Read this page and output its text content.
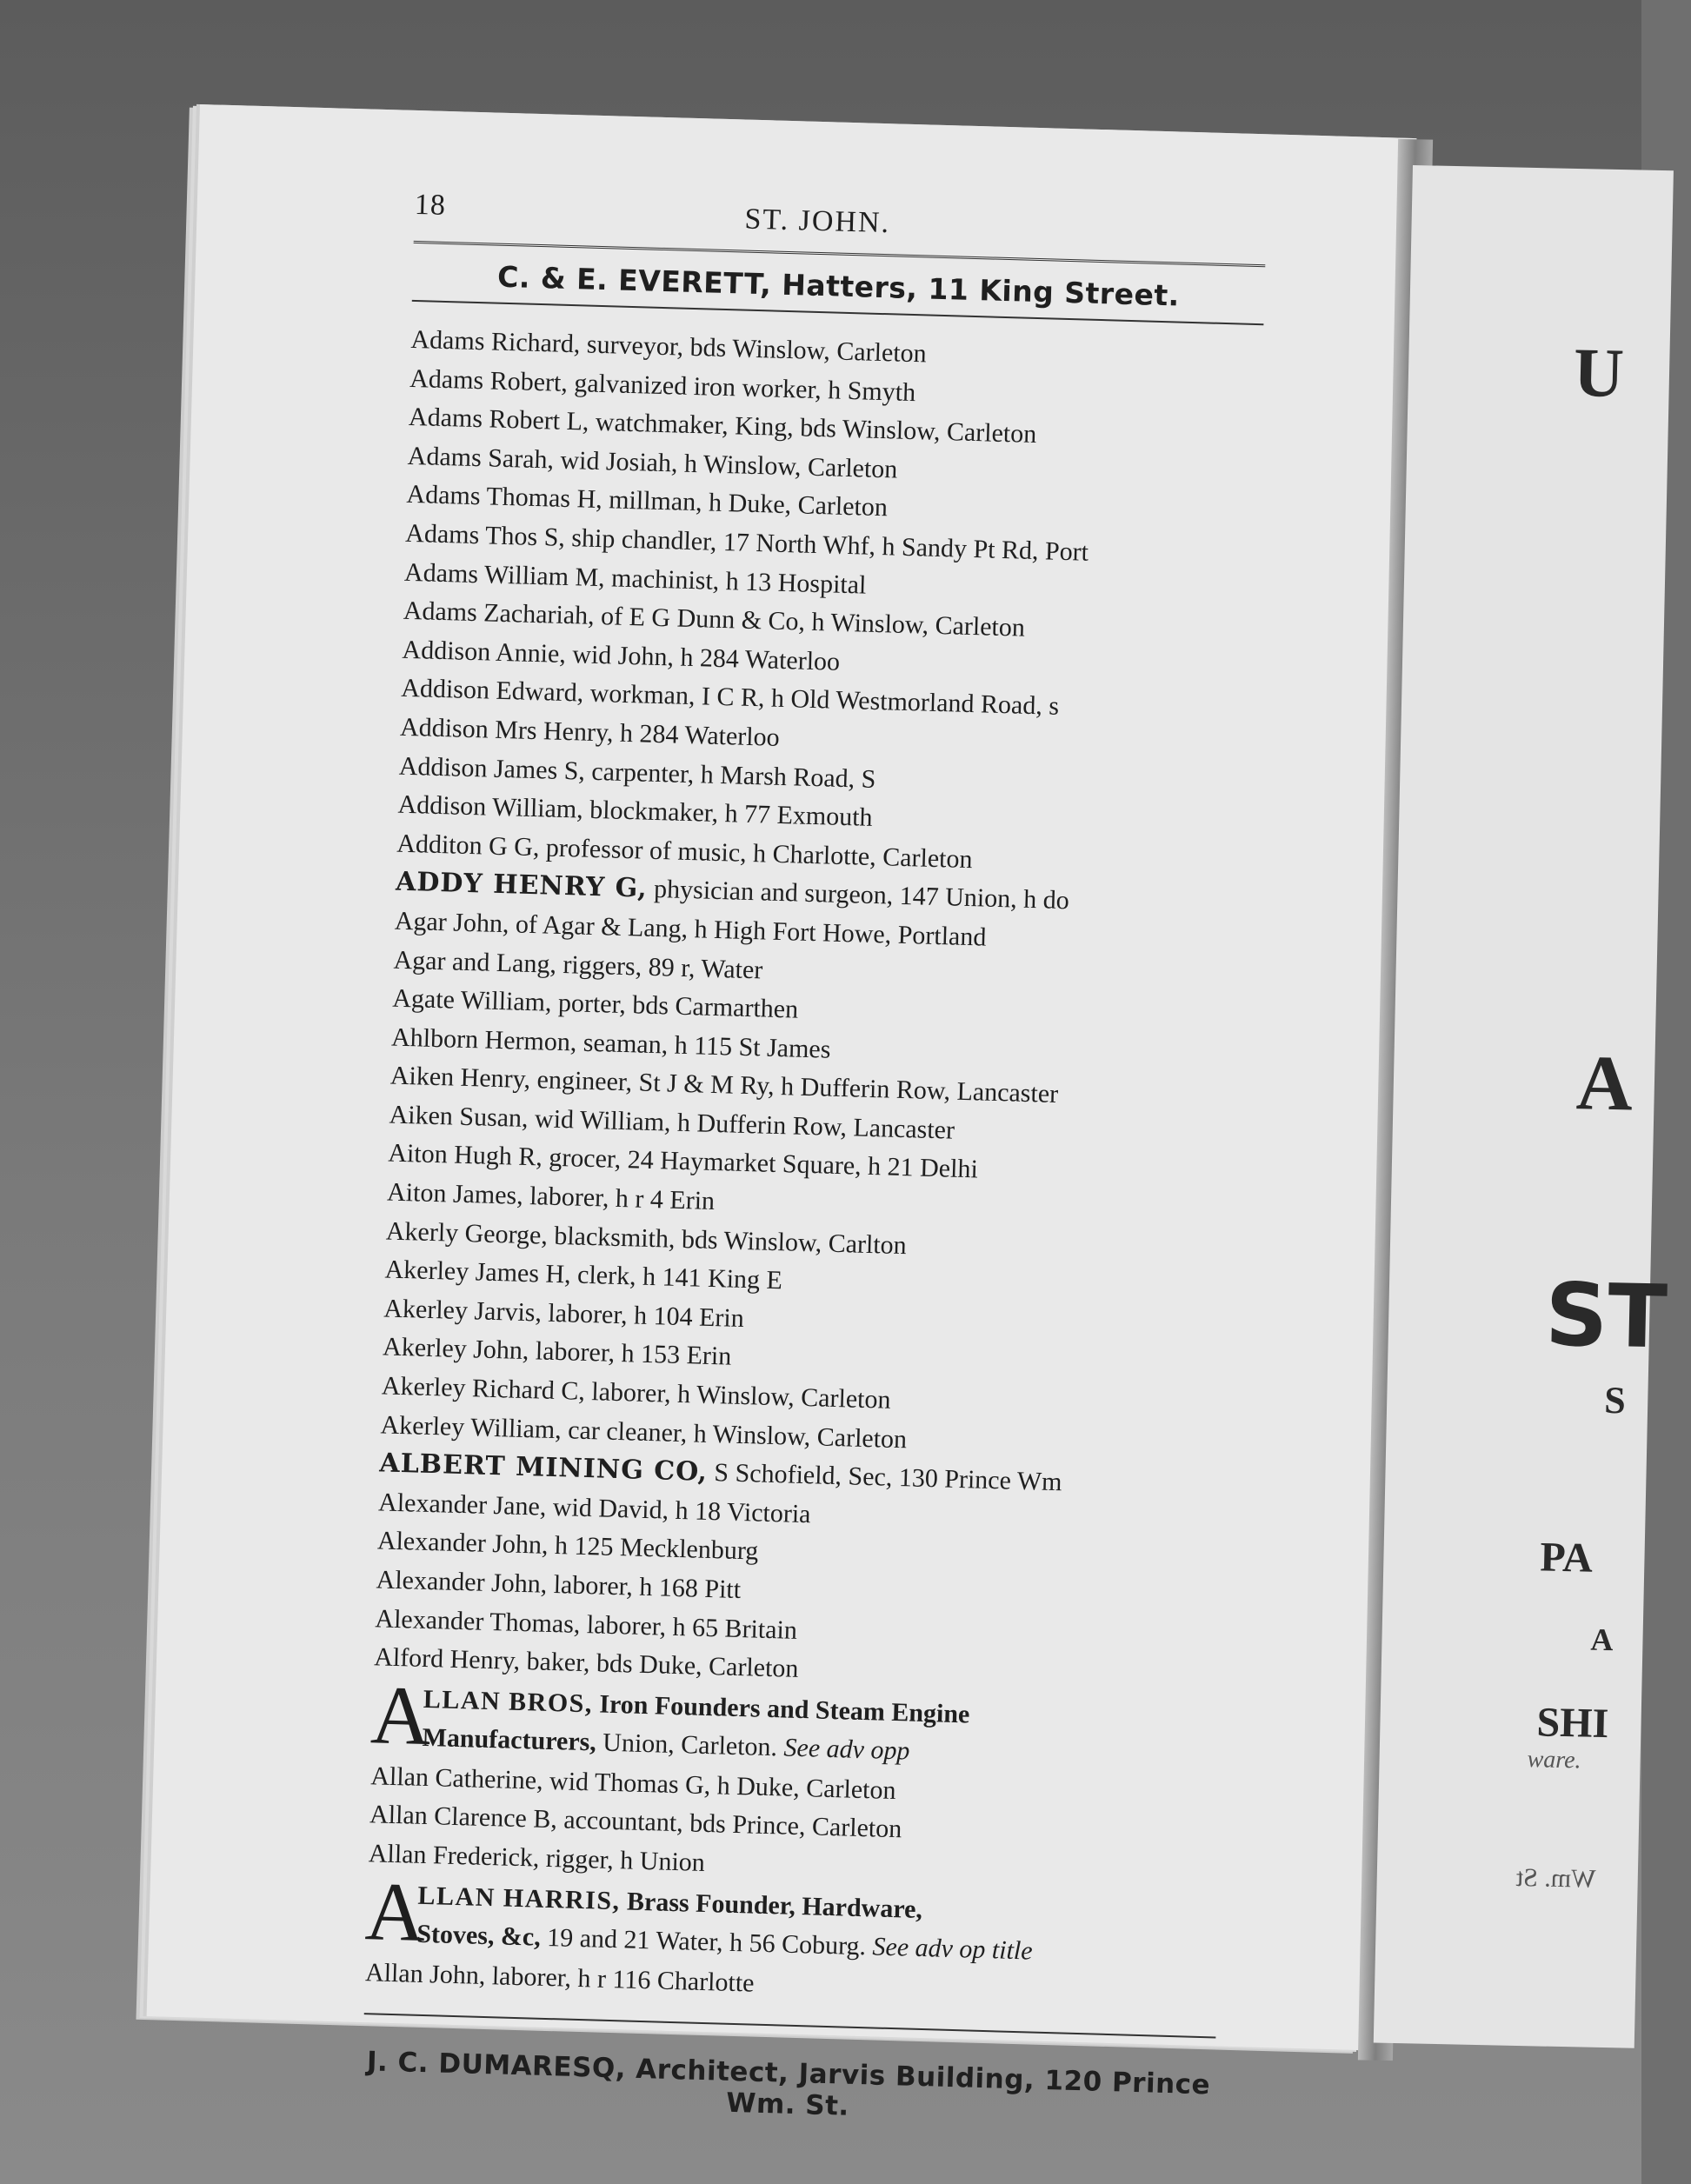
18	ST. JOHN.
C. & E. EVERETT, Hatters, 11 King Street.
Adams Richard, surveyor, bds Winslow, Carleton
Adams Robert, galvanized iron worker, h Smyth
Adams Robert L, watchmaker, King, bds Winslow, Carleton
Adams Sarah, wid Josiah, h Winslow, Carleton
Adams Thomas H, millman, h Duke, Carleton
Adams Thos S, ship chandler, 17 North Whf, h Sandy Pt Rd, Port
Adams William M, machinist, h 13 Hospital
Adams Zachariah, of E G Dunn & Co, h Winslow, Carleton
Addison Annie, wid John, h 284 Waterloo
Addison Edward, workman, I C R, h Old Westmorland Road, s
Addison Mrs Henry, h 284 Waterloo
Addison James S, carpenter, h Marsh Road, S
Addison William, blockmaker, h 77 Exmouth
Additon G G, professor of music, h Charlotte, Carleton
ADDY HENRY G, physician and surgeon, 147 Union, h do
Agar John, of Agar & Lang, h High Fort Howe, Portland
Agar and Lang, riggers, 89 r, Water
Agate William, porter, bds Carmarthen
Ahlborn Hermon, seaman, h 115 St James
Aiken Henry, engineer, St J & M Ry, h Dufferin Row, Lancaster
Aiken Susan, wid William, h Dufferin Row, Lancaster
Aiton Hugh R, grocer, 24 Haymarket Square, h 21 Delhi
Aiton James, laborer, h r 4 Erin
Akerly George, blacksmith, bds Winslow, Carlton
Akerley James H, clerk, h 141 King E
Akerley Jarvis, laborer, h 104 Erin
Akerley John, laborer, h 153 Erin
Akerley Richard C, laborer, h Winslow, Carleton
Akerley William, car cleaner, h Winslow, Carleton
ALBERT MINING CO, S Schofield, Sec, 130 Prince Wm
Alexander Jane, wid David, h 18 Victoria
Alexander John, h 125 Mecklenburg
Alexander John, laborer, h 168 Pitt
Alexander Thomas, laborer, h 65 Britain
Alford Henry, baker, bds Duke, Carleton
A
LLAN BROS, Iron Founders and Steam Engine
Manufacturers, Union, Carleton. See adv opp
Allan Catherine, wid Thomas G, h Duke, Carleton
Allan Clarence B, accountant, bds Prince, Carleton
Allan Frederick, rigger, h Union
A
LLAN HARRIS, Brass Founder, Hardware,
Stoves, &c, 19 and 21 Water, h 56 Coburg. See adv op title
Allan John, laborer, h r 116 Charlotte
J. C. DUMARESQ, Architect, Jarvis Building, 120 Prince Wm. St.
U
A
ST
S
PA
A
SHI
ware.
Wm. St
